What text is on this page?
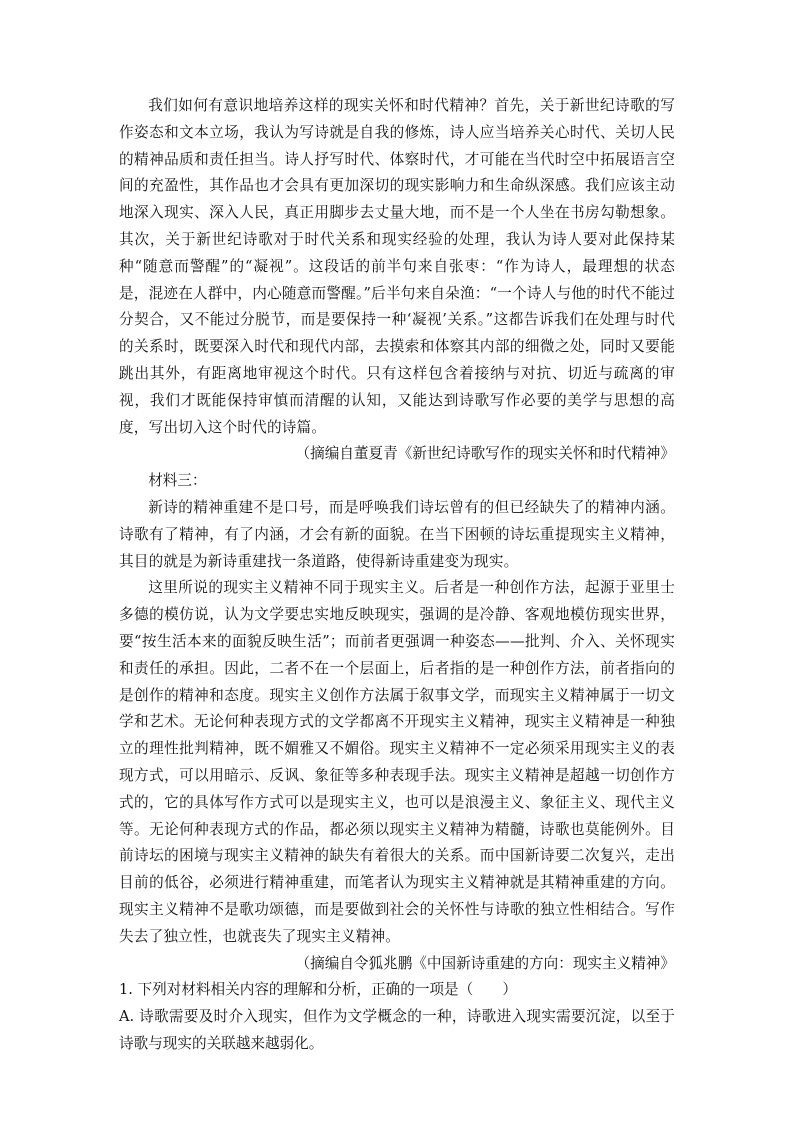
我们如何有意识地培养这样的现实关怀和时代精神？首先，关于新世纪诗歌的写作姿态和文本立场，我认为写诗就是自我的修炼，诗人应当培养关心时代、关切人民的精神品质和责任担当。诗人抒写时代、体察时代，才可能在当代时空中拓展语言空间的充盈性，其作品也才会具有更加深切的现实影响力和生命纵深感。我们应该主动地深入现实、深入人民，真正用脚步去丈量大地，而不是一个人坐在书房勾勒想象。其次，关于新世纪诗歌对于时代关系和现实经验的处理，我认为诗人要对此保持某种“随意而警醒”的“凝视”。这段话的前半句来自张枣：“作为诗人，最理想的状态是，混迹在人群中，内心随意而警醒。”后半句来自朵渔：“一个诗人与他的时代不能过分契合，又不能过分脱节，而是要保持一种‘凝视’关系。”这都告诉我们在处理与时代的关系时，既要深入时代和现代内部，去摸索和体察其内部的细微之处，同时又要能跳出其外，有距离地审视这个时代。只有这样包含着接纳与对抗、切近与疏离的审视，我们才既能保持审慎而清醒的认知，又能达到诗歌写作必要的美学与思想的高度，写出切入这个时代的诗篇。

（摘编自董夏青《新世纪诗歌写作的现实关怀和时代精神》

材料三：

新诗的精神重建不是口号，而是呼唤我们诗坛曾有的但已经缺失了的精神内涵。诗歌有了精神，有了内涵，才会有新的面貌。在当下困顿的诗坛重提现实主义精神，其目的就是为新诗重建找一条道路，使得新诗重建变为现实。

这里所说的现实主义精神不同于现实主义。后者是一种创作方法，起源于亚里士多德的模仿说，认为文学要忠实地反映现实，强调的是冷静、客观地模仿现实世界，要“按生活本来的面貌反映生活”；而前者更强调一种姿态——批判、介入、关怀现实和责任的承担。因此，二者不在一个层面上，后者指的是一种创作方法，前者指向的是创作的精神和态度。现实主义创作方法属于叙事文学，而现实主义精神属于一切文学和艺术。无论何种表现方式的文学都离不开现实主义精神，现实主义精神是一种独立的理性批判精神，既不媚雅又不媚俗。现实主义精神不一定必须采用现实主义的表现方式，可以用暗示、反讽、象征等多种表现手法。现实主义精神是超越一切创作方式的，它的具体写作方式可以是现实主义，也可以是浪漫主义、象征主义、现代主义等。无论何种表现方式的作品，都必须以现实主义精神为精髓，诗歌也莫能例外。目前诗坛的困境与现实主义精神的缺失有着很大的关系。而中国新诗要二次复兴，走出目前的低谷，必须进行精神重建，而笔者认为现实主义精神就是其精神重建的方向。现实主义精神不是歌功颂德，而是要做到社会的关怀性与诗歌的独立性相结合。写作失去了独立性，也就丧失了现实主义精神。

（摘编自令狐兆鹏《中国新诗重建的方向：现实主义精神》

1. 下列对材料相关内容的理解和分析，正确的一项是（　　）

A. 诗歌需要及时介入现实，但作为文学概念的一种，诗歌进入现实需要沉淀，以至于诗歌与现实的关联越来越弱化。
